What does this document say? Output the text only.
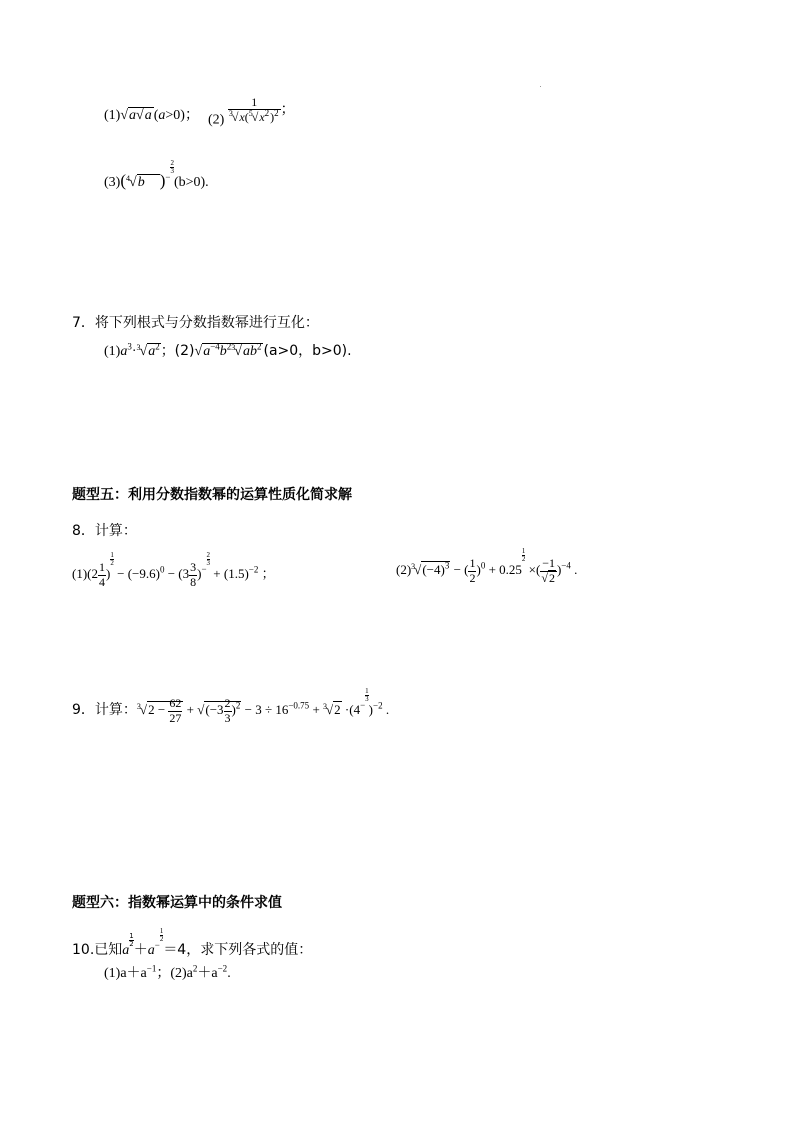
(1)√a√a (a>0)； $(2) \frac{1}{^3√x(^5√x^2)^2}$ ；
(3)($^4$√b )$^{- \frac{2}{3}}$
(b>0).
7．将下列根式与分数指数幂进行互化：
$(1)a^3\cdot^3√a^2$；$(2)√a^{-4}b^{23}√ab^2$ (a>0，b>0).
题型五：利用分数指数幂的运算性质化简求解
8．计算：
$(1)(2 \frac{1}{4}$ )
$^{\frac{1}{2}}$
− $(-9.6)^0 - (3 \frac{3}{8} )^{- \frac{2}{3}}$
+ $(1.5)^{-2}$ ；	$(2)^3√(-4)^3$ − ( $\frac{1}{2} )^0 + 0.25$
$^{\frac{1}{2}}$
×( $\frac{-1}{√2} )^{-4}$ .
9．计算：$^3√2 - \frac{62}{27} + √(-3 \frac{2}{3} )^2 - 3 \div 16^{-0.75} + ^3√2 \cdot(4^{- \frac{1}{3}}$
)$^{-2}$ .
题型六：指数幂运算中的条件求值
10.已知a
$\frac{1}{2}$
$+a^{- \frac{1}{2}}$
＝4，求下列各式的值：
$(1)a+a^{-1}$；$(2)a^2+a^{-2}$.
